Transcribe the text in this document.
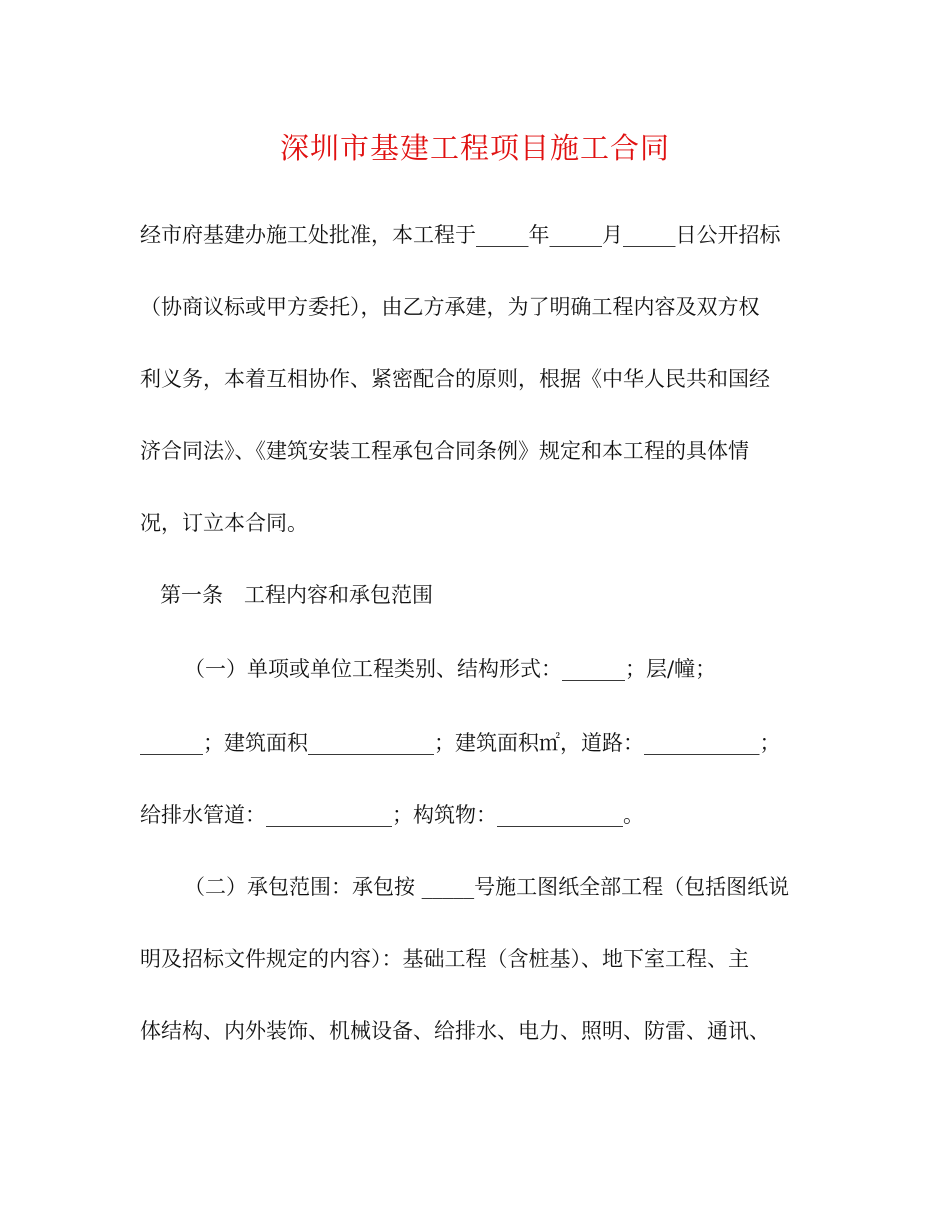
深圳市基建工程项目施工合同
经市府基建办施工处批准，本工程于_____年_____月_____日公开招标
（协商议标或甲方委托），由乙方承建，为了明确工程内容及双方权
利义务，本着互相协作、紧密配合的原则，根据《中华人民共和国经
济合同法》、《建筑安装工程承包合同条例》规定和本工程的具体情
况，订立本合同。
第一条　工程内容和承包范围
（一）单项或单位工程类别、结构形式：______；层/幢；
______；建筑面积____________；建筑面积㎡，道路：___________；
给排水管道：____________；构筑物：____________。
（二）承包范围：承包按 _____号施工图纸全部工程（包括图纸说
明及招标文件规定的内容）：基础工程（含桩基）、地下室工程、主
体结构、内外装饰、机械设备、给排水、电力、照明、防雷、通讯、
